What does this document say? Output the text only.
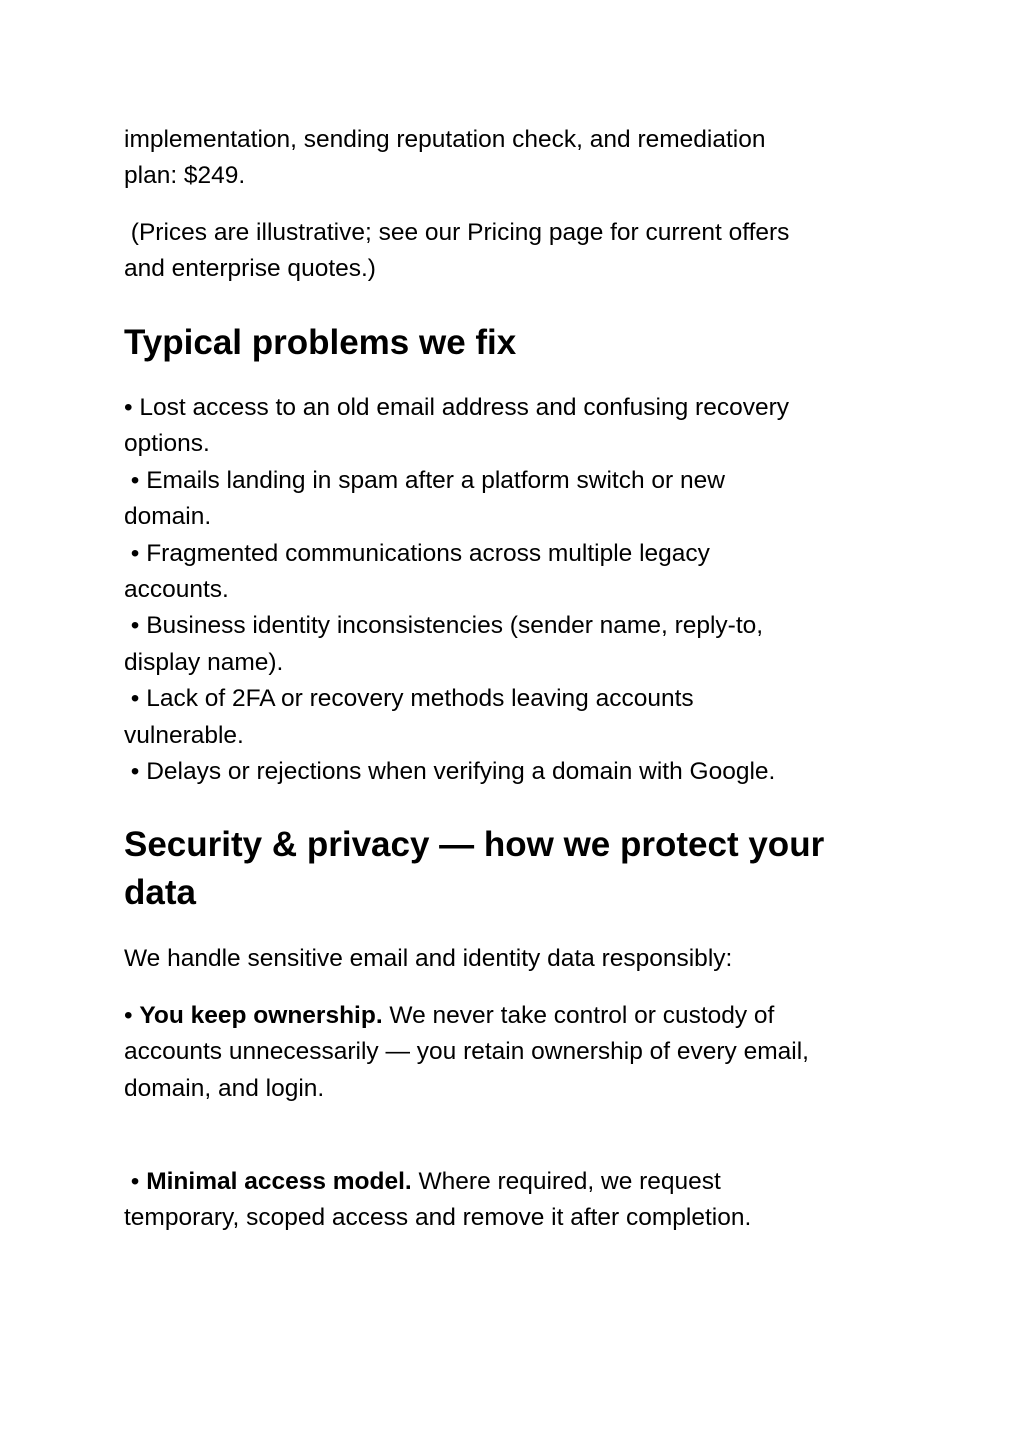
implementation, sending reputation check, and remediation
plan: $249.
(Prices are illustrative; see our Pricing page for current offers
and enterprise quotes.)
Typical problems we fix
• Lost access to an old email address and confusing recovery
options.
• Emails landing in spam after a platform switch or new
domain.
• Fragmented communications across multiple legacy
accounts.
• Business identity inconsistencies (sender name, reply-to,
display name).
• Lack of 2FA or recovery methods leaving accounts
vulnerable.
• Delays or rejections when verifying a domain with Google.
Security & privacy — how we protect your
data
We handle sensitive email and identity data responsibly:
• You keep ownership. We never take control or custody of
accounts unnecessarily — you retain ownership of every email,
domain, and login.
• Minimal access model. Where required, we request
temporary, scoped access and remove it after completion.
